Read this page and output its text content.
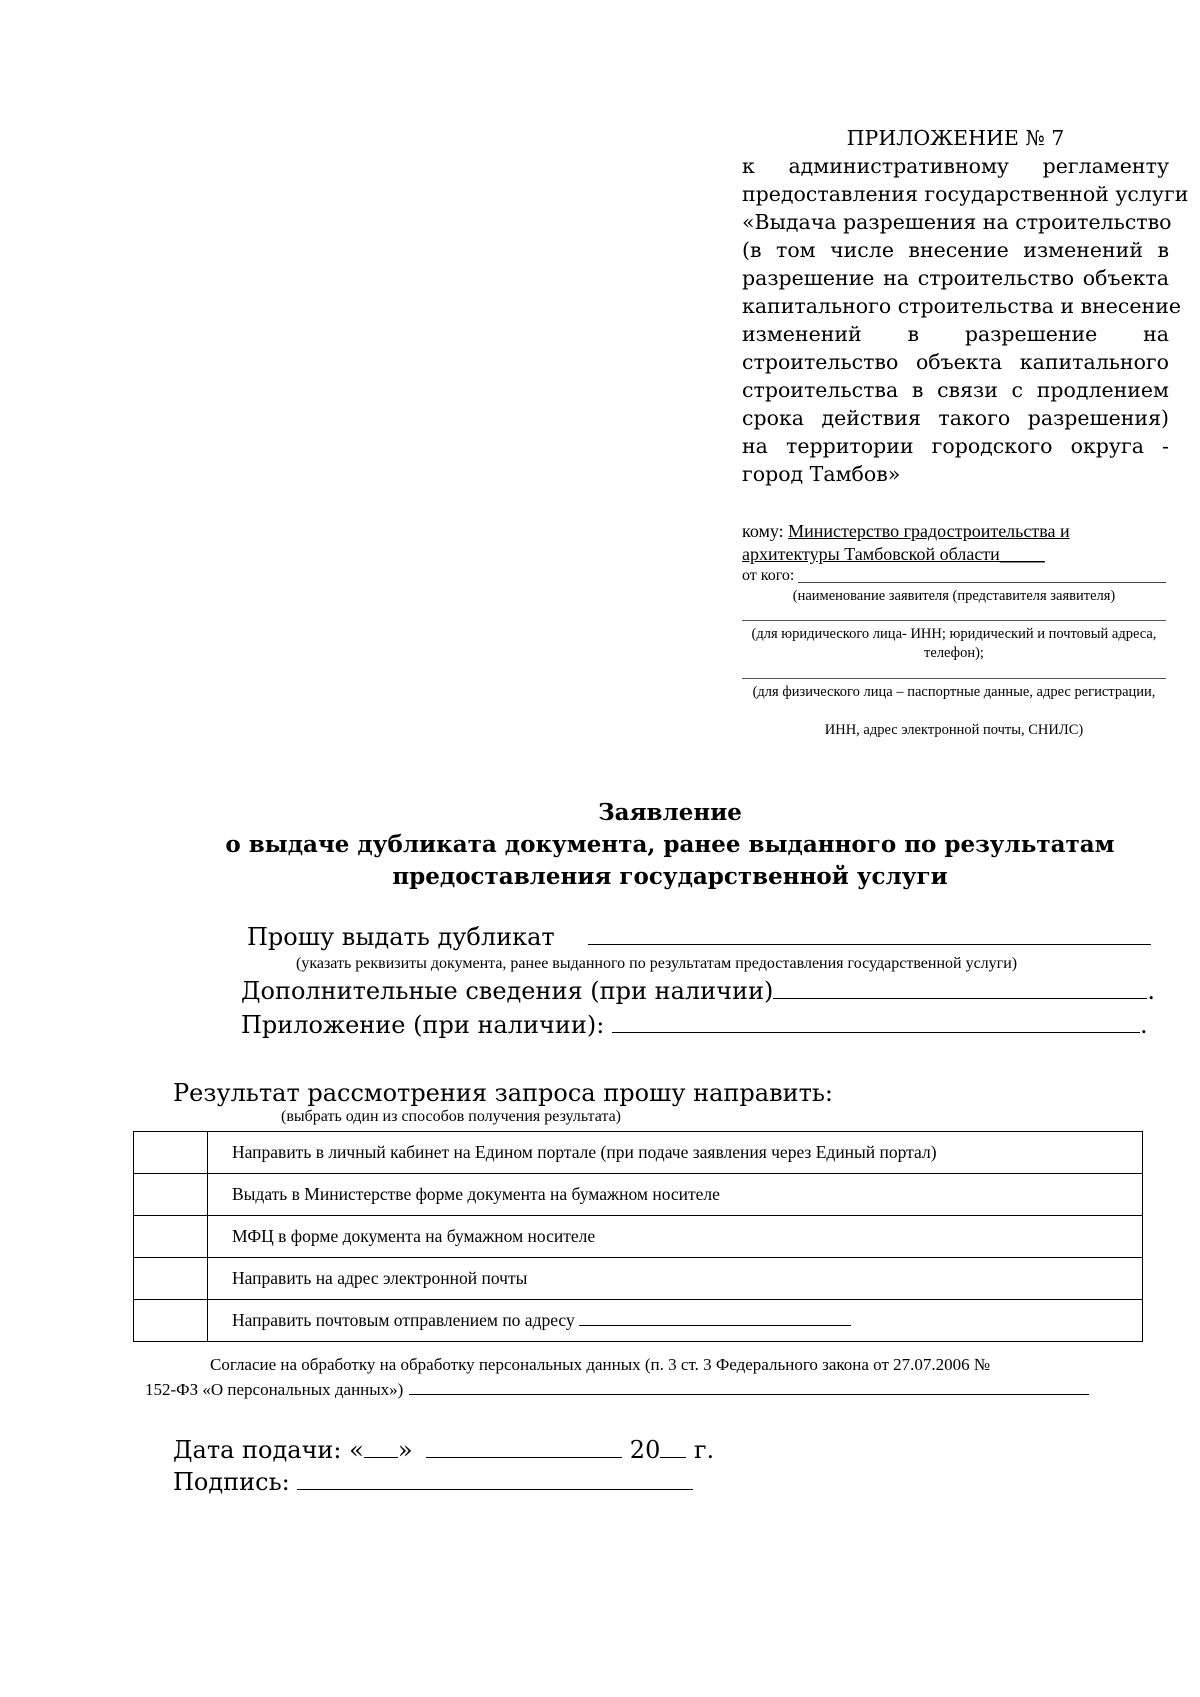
ПРИЛОЖЕНИЕ № 7
к административному регламенту
предоставления государственной услуги
«Выдача разрешения на строительство
(в том числе внесение изменений в
разрешение на строительство объекта
капитального строительства и внесение
изменений в разрешение на
строительство объекта капитального
строительства в связи с продлением
срока действия такого разрешения)
на территории городского округа -
город Тамбов»
кому: Министерство градостроительства и
архитектуры Тамбовской области_____
от кого:
(наименование заявителя (представителя заявителя)
(для юридического лица- ИНН; юридический и почтовый адреса, телефон);
(для физического лица – паспортные данные, адрес регистрации,
ИНН, адрес электронной почты, СНИЛС)
Заявление
о выдаче дубликата документа, ранее выданного по результатам
предоставления государственной услуги
Прошу выдать дубликат
(указать реквизиты документа, ранее выданного по результатам предоставления государственной услуги)
Дополнительные сведения (при наличии)	.
Приложение (при наличии):	.
Результат рассмотрения запроса прошу направить:
(выбрать один из способов получения результата)
	Направить в личный кабинет на Едином портале (при подаче заявления через Единый портал)
	Выдать в Министерстве форме документа на бумажном носителе
	МФЦ в форме документа на бумажном носителе
	Направить на адрес электронной почты
	Направить почтовым отправлением по адресу
Согласие на обработку на обработку персональных данных (п. 3 ст. 3 Федерального закона от 27.07.2006 №
152-ФЗ «О персональных данных»)
Дата подачи: « »	20 г.
Подпись:
